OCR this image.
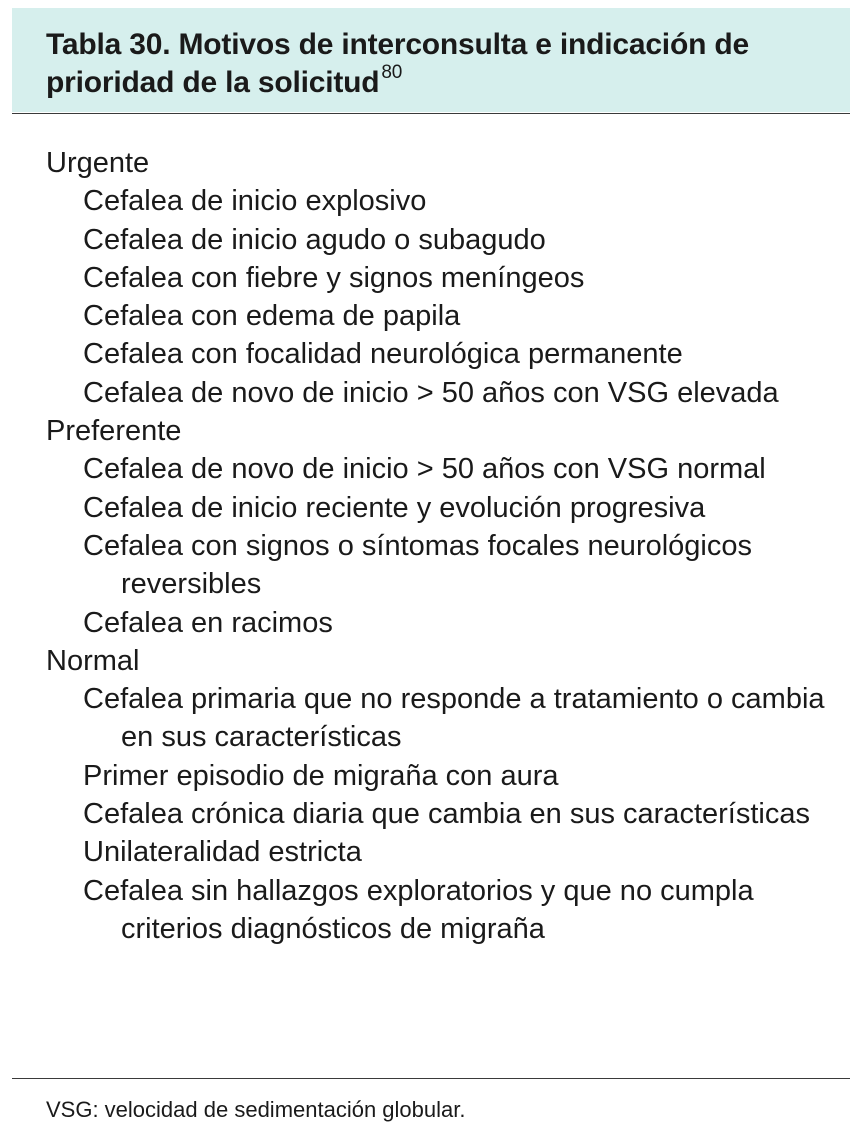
Tabla 30. Motivos de interconsulta e indicación de prioridad de la solicitud $^{80}$
Urgente
Cefalea de inicio explosivo
Cefalea de inicio agudo o subagudo
Cefalea con fiebre y signos meníngeos
Cefalea con edema de papila
Cefalea con focalidad neurológica permanente
Cefalea de novo de inicio > 50 años con VSG elevada
Preferente
Cefalea de novo de inicio > 50 años con VSG normal
Cefalea de inicio reciente y evolución progresiva
Cefalea con signos o síntomas focales neurológicos reversibles
Cefalea en racimos
Normal
Cefalea primaria que no responde a tratamiento o cambia en sus características
Primer episodio de migraña con aura
Cefalea crónica diaria que cambia en sus características
Unilateralidad estricta
Cefalea sin hallazgos exploratorios y que no cumpla criterios diagnósticos de migraña
VSG: velocidad de sedimentación globular.
